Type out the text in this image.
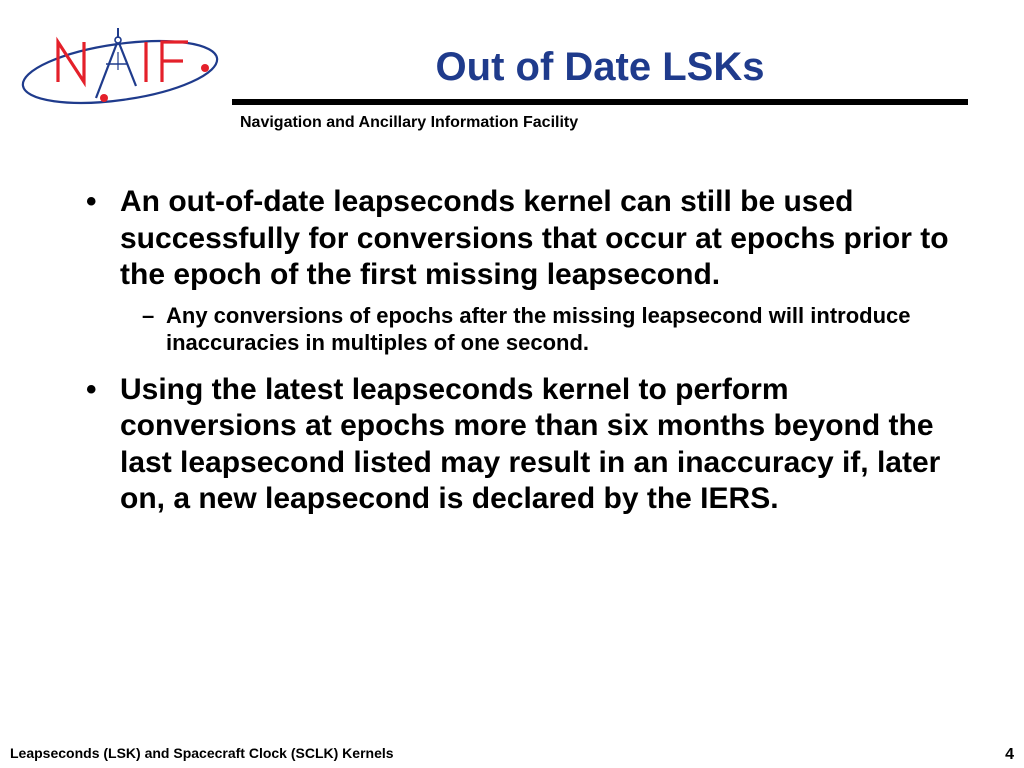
Out of Date LSKs
Navigation and Ancillary Information Facility
• An out-of-date leapseconds kernel can still be used successfully for conversions that occur at epochs prior to the epoch of the first missing leapsecond.
– Any conversions of epochs after the missing leapsecond will introduce inaccuracies in multiples of one second.
• Using the latest leapseconds kernel to perform conversions at epochs more than six months beyond the last leapsecond listed may result in an inaccuracy if, later on, a new leapsecond is declared by the IERS.
Leapseconds (LSK) and Spacecraft Clock (SCLK) Kernels	4
